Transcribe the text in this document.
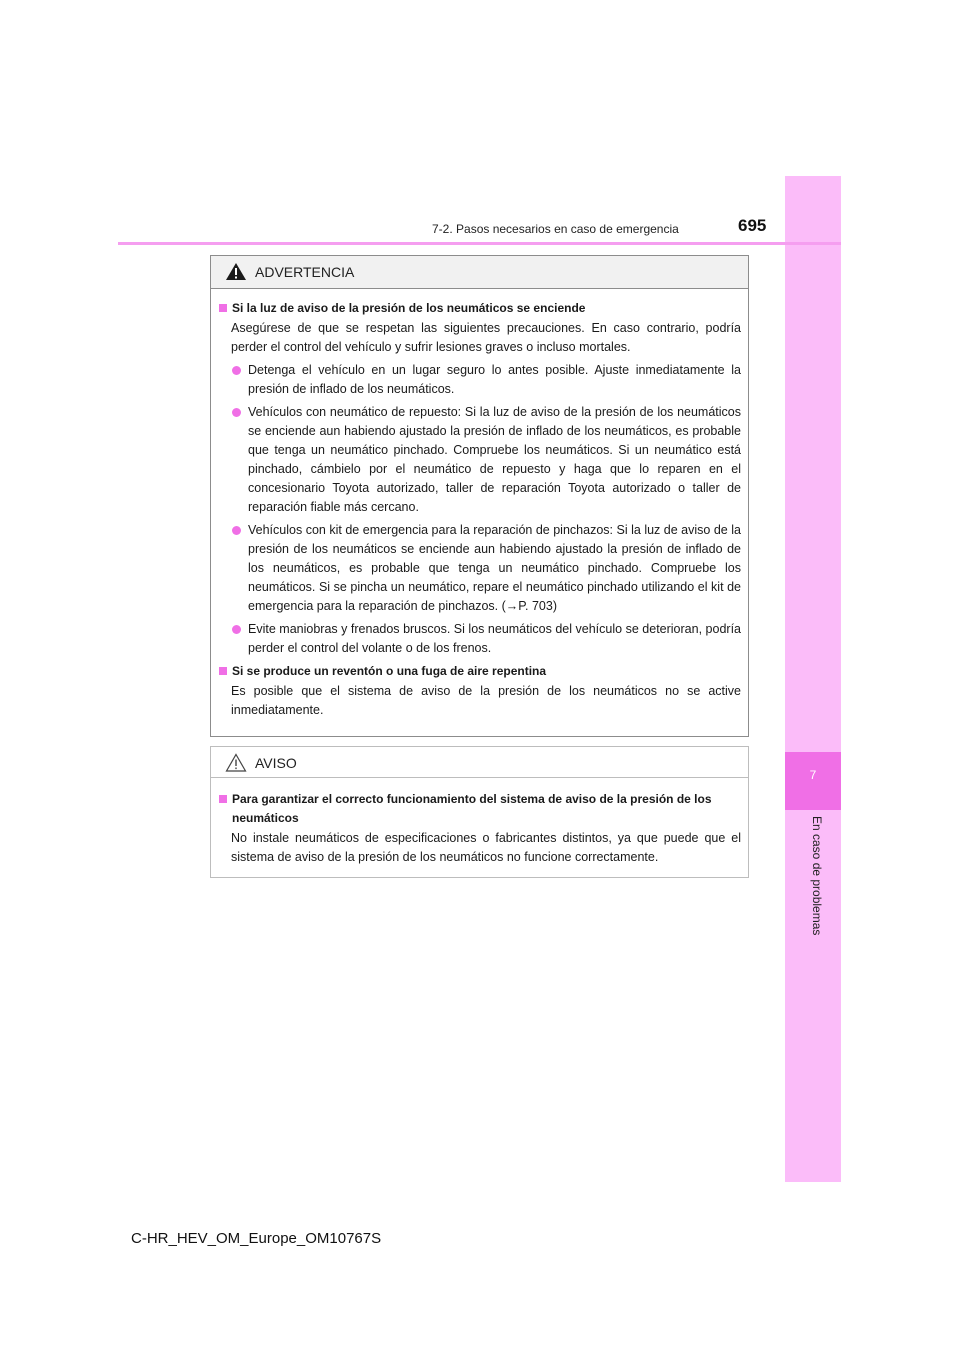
7
En caso de problemas
7-2. Pasos necesarios en caso de emergencia	695
ADVERTENCIA
Si la luz de aviso de la presión de los neumáticos se enciende
Asegúrese de que se respetan las siguientes precauciones. En caso contrario, podría perder el control del vehículo y sufrir lesiones graves o incluso mortales.
Detenga el vehículo en un lugar seguro lo antes posible. Ajuste inmediatamente la presión de inflado de los neumáticos.
Vehículos con neumático de repuesto: Si la luz de aviso de la presión de los neumáticos se enciende aun habiendo ajustado la presión de inflado de los neumáticos, es probable que tenga un neumático pinchado. Compruebe los neumáticos. Si un neumático está pinchado, cámbielo por el neumático de repuesto y haga que lo reparen en el concesionario Toyota autorizado, taller de reparación Toyota autorizado o taller de reparación fiable más cercano.
Vehículos con kit de emergencia para la reparación de pinchazos: Si la luz de aviso de la presión de los neumáticos se enciende aun habiendo ajustado la presión de inflado de los neumáticos, es probable que tenga un neumático pinchado. Compruebe los neumáticos. Si se pincha un neumático, repare el neumático pinchado utilizando el kit de emergencia para la reparación de pinchazos. (→P. 703)
Evite maniobras y frenados bruscos. Si los neumáticos del vehículo se deterioran, podría perder el control del volante o de los frenos.
Si se produce un reventón o una fuga de aire repentina
Es posible que el sistema de aviso de la presión de los neumáticos no se active inmediatamente.
AVISO
Para garantizar el correcto funcionamiento del sistema de aviso de la presión de los neumáticos
No instale neumáticos de especificaciones o fabricantes distintos, ya que puede que el sistema de aviso de la presión de los neumáticos no funcione correctamente.
C-HR_HEV_OM_Europe_OM10767S
